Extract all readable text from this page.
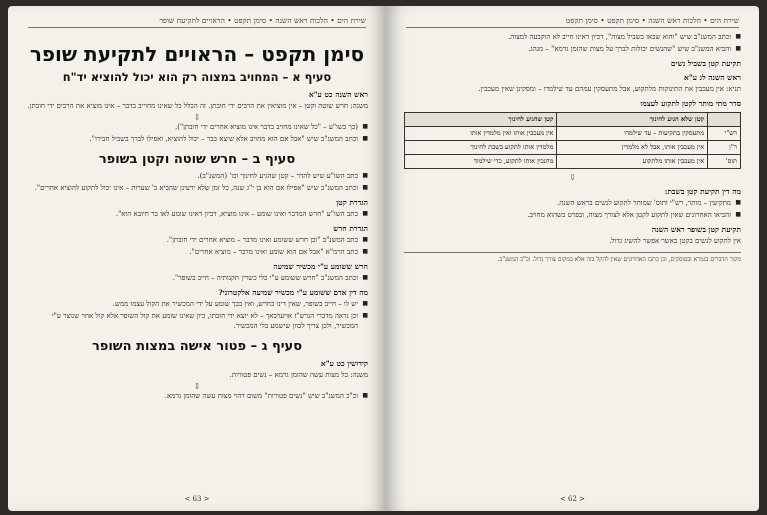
שירת הים • הלכות ראש השנה • סימן תקפט • הראויים לתקיעת שופר
סימן תקפט – הראויים לתקיעת שופר
סעיף א – המחויב במצוה רק הוא יכול להוציא יד"ח
ראש השנה כט ע"א
משנה: חרש שוטה וקטן – אין מוציאין את הרבים ידי חובתן. זה הכלל כל שאינו מחוייב בדבר – אינו מוציא את הרבים ידי חובתן.
⇩
■ (כך בשו"ע – "כל שאינו מחויב בדבר אינו מוציא אחרים ידי חובתן").
■ וכתב המשנ"ב שיש "אבל אם הוא מחויב אלא שיצא כבר – יכול להוציא, ואפילו לברך בשביל חבירו".
סעיף ב – חרש שוטה וקטן בשופר
■ כתב השו"ע שיש להדר – קטן שהגיע לחינוך וכו' (המשנ"ב).
■ וכתב המשנ"ב שיש "אפילו אם הוא בן י"ג שנה, כל זמן שלא ידעינן שהביא ב' שערות – אינו יכול לתקוע להוציא אחרים".
הגדרת קטן
■ כתב השו"ע "חרש המדבר ואינו שומע – אינו מוציא, דכיון דאינו שומע לאו בר חיובא הוא".
הגדרת חרש
■ כתב המשנ"ב "וכן חרש ששומע ואינו מדבר – מוציא אחרים ידי חובתן".
■ כתב הרמ"א "אבל אם הוא שומע ואינו מדבר – מוציא אחרים".
חרש ששומע ע"י מכשיר שמיעה
■ וכתב המשנ"ב "חרש ששומע ע"י כלי כשרין תקנותיה – חייב בשופר".
מה דין אדם ששומע ע"י מכשיר שמיעה אלקטרוני?
■ יש לו – חייב בשופר, שאין דינו כחרש, ואין בכך שומע על ידי המכשיר את הקול עצמו ממש.
■ וכן נראה מדברי הגרש"ז אויערבאך – לא יוצא ידי חובתו, כיון שאינו שומע את קול השופר אלא קול אחר שנוצר ע"י המכשיר, ולכן צריך לכוון שישמע בלי המכשיר.
סעיף ג – פטור אישה במצות השופר
קידושין כט ע"א
משנה: כל מצות עשה שהזמן גרמא – נשים פטורות.
⇩
■ וכ"כ המשנ"ב שיש "נשים פטורות" משום דהוי מצות עשה שהזמן גרמא.
< 63 >
שירת הים • הלכות ראש השנה • סימן תקפט • סימן תקפט
■ וכתב המשנ"ב שיש "והוא שבאו בשביל מצוה", דכיון דאינו חייב לא הוקבעה למצוה.
■ והביא המשנ"ב שיש "שהנשים יכולות לברך על מצות שהזמן גרמא" – מנהג.
תקיעת קטן בשביל נשים
ראש השנה לג ע"א
תניא: אין מעכבין את התינוקות מלתקוע, אבל מתעסקין עמהם עד שילמדו – ומסקינן שאין מעכבין.
סדר מתי מותר לקטן לתקוע לעצמו
	קטן שלא הגיע לחינוך	קטן שהגיע לחינוך
רש"י	מתעסקין בתקיעות – עד שילמדו	אין מעכבין אותו ואין מלמדין אותו
ר"ן	אין מעכבין אותו, אבל לא מלמדין	מלמדין אותו לתקוע בשבת לחינוך
תוס'	אין מעכבין אותו מלתקוע	מחנכין אותו לתקוע, כדי שילמוד
⇩
מה דין תקיעת קטן בשבת:
■ מתקיעין – מותר, רש"י ותוס' שמותר לתקוע לנשים בראש השנה.
■ והביאו האחרונים שאין לתקוע לקטן אלא לצורך מצוה, ובפרט כשהוא מחויב.
תקיעת קטן בשופר ראש השנה
אין לתקוע לנשים בקטן כאשר אפשר להשיג גדול.
מקור הדברים בגמרא ובפוסקים, וכן כתבו האחרונים שאין להקל בזה אלא במקום צורך גדול. וכ"כ המשנ"ב.
< 62 >
